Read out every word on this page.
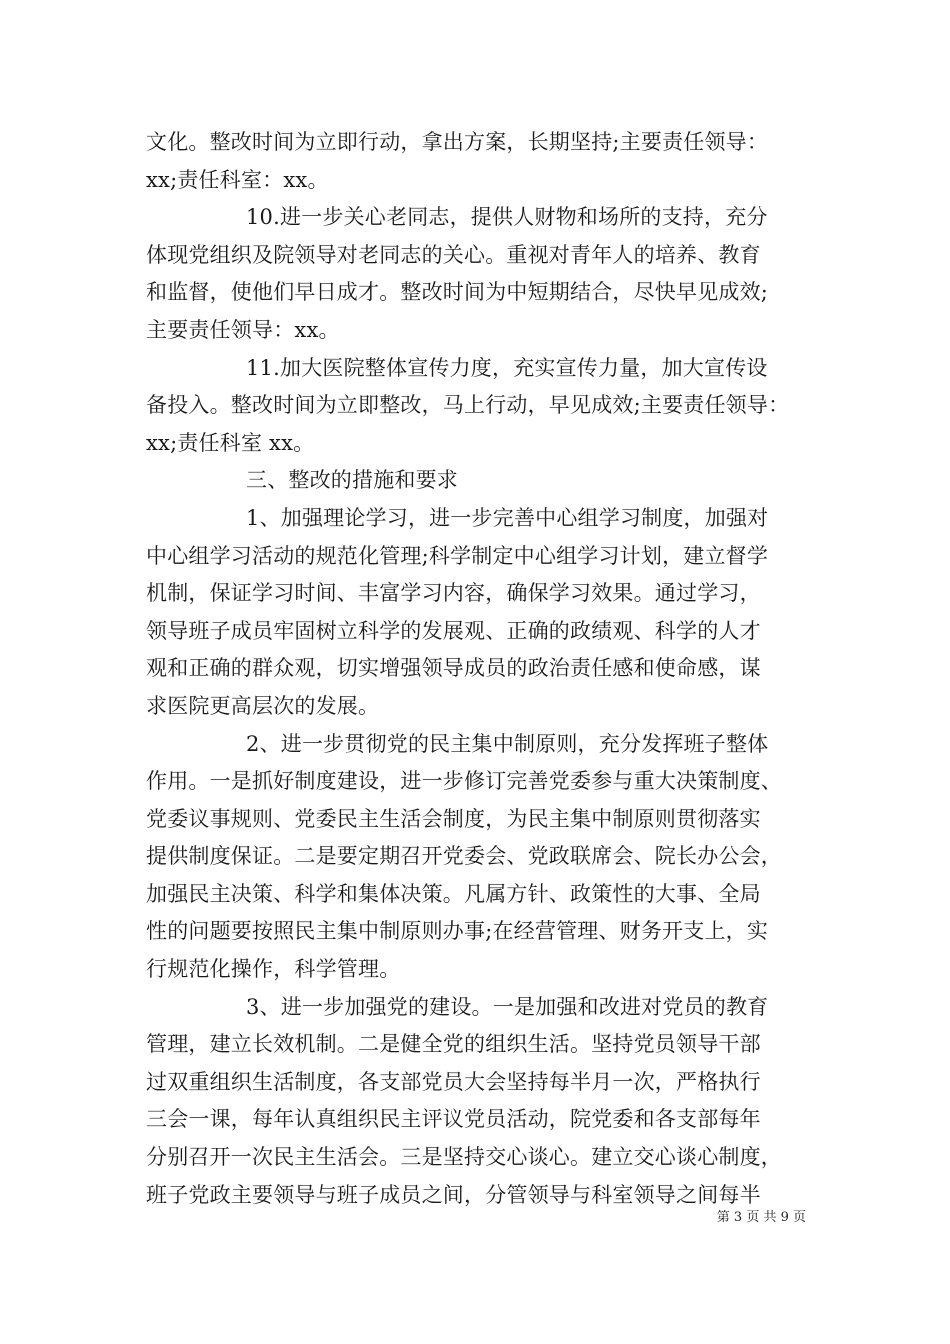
文化。整改时间为立即行动，拿出方案，长期坚持;主要责任领导：
xx;责任科室：xx。
10.进一步关心老同志，提供人财物和场所的支持，充分
体现党组织及院领导对老同志的关心。重视对青年人的培养、教育
和监督，使他们早日成才。整改时间为中短期结合，尽快早见成效;
主要责任领导：xx。
11.加大医院整体宣传力度，充实宣传力量，加大宣传设
备投入。整改时间为立即整改，马上行动，早见成效;主要责任领导：
xx;责任科室 xx。
三、整改的措施和要求
1、加强理论学习，进一步完善中心组学习制度，加强对
中心组学习活动的规范化管理;科学制定中心组学习计划，建立督学
机制，保证学习时间、丰富学习内容，确保学习效果。通过学习，
领导班子成员牢固树立科学的发展观、正确的政绩观、科学的人才
观和正确的群众观，切实增强领导成员的政治责任感和使命感，谋
求医院更高层次的发展。
2、进一步贯彻党的民主集中制原则，充分发挥班子整体
作用。一是抓好制度建设，进一步修订完善党委参与重大决策制度、
党委议事规则、党委民主生活会制度，为民主集中制原则贯彻落实
提供制度保证。二是要定期召开党委会、党政联席会、院长办公会，
加强民主决策、科学和集体决策。凡属方针、政策性的大事、全局
性的问题要按照民主集中制原则办事;在经营管理、财务开支上，实
行规范化操作，科学管理。
3、进一步加强党的建设。一是加强和改进对党员的教育
管理，建立长效机制。二是健全党的组织生活。坚持党员领导干部
过双重组织生活制度，各支部党员大会坚持每半月一次，严格执行
三会一课，每年认真组织民主评议党员活动，院党委和各支部每年
分别召开一次民主生活会。三是坚持交心谈心。建立交心谈心制度，
班子党政主要领导与班子成员之间，分管领导与科室领导之间每半
第 3 页 共 9 页
